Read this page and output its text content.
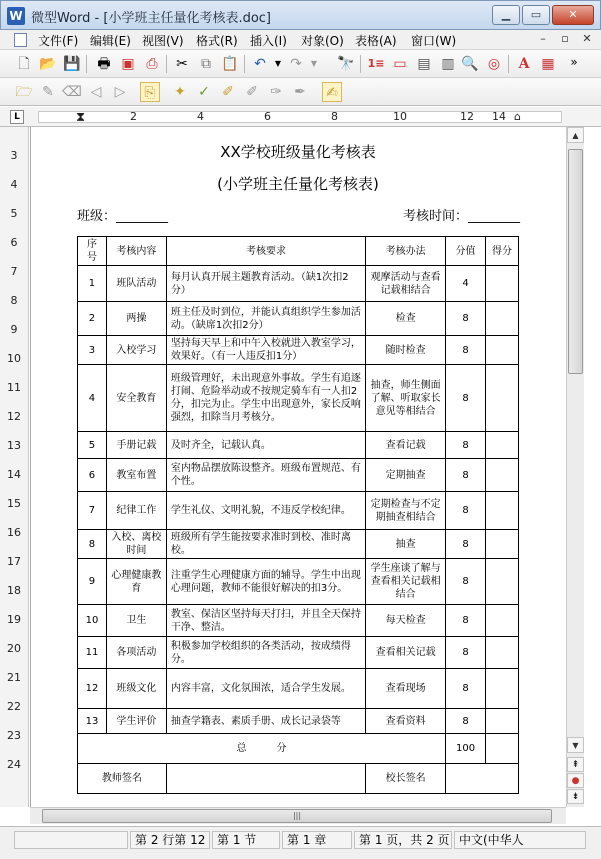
W 微型Word - [小学班主任量化考核表.doc]	▁	▭	✕
文件(F) 编辑(E) 视图(V) 格式(R) 插入(I) 对象(O) 表格(A) 窗口(W)	–	▫	✕
🗋 📂 💾 🖶 ▣ ⎙	✂ ⧉ 📋 ↶	▼ ↷	▼	🔭 1≡ ▭ ▤ ▥ 🔍 ◎	A ▦	»
🗁 ✎ ⌫ ◁ ▷	⎘	✦ ✓ ✐ ✐ ✑ ✒ ✍
L	⧗	2	4	6	8	10	12 14 ⌂
3
4
5
6
7
8
9
10
11
12
13
14
15
16
17
18
19
20
21
22
23
24
XX学校班级量化考核表
(小学班主任量化考核表)
班级：________	考核时间：________
序号	考核内容	考核要求	考核办法	分值	得分
1	班队活动	每月认真开展主题教育活动。（缺1次扣2分）	观摩活动与查看记载相结合	4	
2	两操	班主任及时到位，并能认真组织学生参加活动。（缺席1次扣2分）	检查	8	
3	入校学习	坚持每天早上和中午入校就进入教室学习，效果好。（有一人违反扣1分）	随时检查	8	
4	安全教育	班级管理好，未出现意外事故。学生有追逐打闹、危险举动或不按规定骑车有一人扣2分，扣完为止。学生中出现意外，家长反响强烈，扣除当月考核分。	抽查，师生侧面了解、听取家长意见等相结合	8	
5	手册记载	及时齐全，记载认真。	查看记载	8	
6	教室布置	室内物品摆放陈设整齐。班级布置规范、有个性。	定期抽查	8	
7	纪律工作	学生礼仪、文明礼貌，不违反学校纪律。	定期检查与不定期抽查相结合	8	
8	入校、离校时间	班级所有学生能按要求准时到校、准时离校。	抽查	8	
9	心理健康教育	注重学生心理健康方面的辅导。学生中出现心理问题，教师不能很好解决的扣3分。	学生座谈了解与查看相关记载相结合	8	
10	卫生	教室、保洁区坚持每天打扫，并且全天保持干净、整洁。	每天检查	8	
11	各项活动	积极参加学校组织的各类活动，按成绩得分。	查看相关记载	8	
12	班级文化	内容丰富，文化氛围浓，适合学生发展。	查看现场	8	
13	学生评价	抽查学籍表、素质手册、成长记录袋等	查看资料	8	
总　　　分				100	
教师签名			校长签名		
▲
▼
⇞
●
⇟
|||
第 2 行第 12 第 1 节	第 1 章	第 1 页，共 2 页 中文(中华人
